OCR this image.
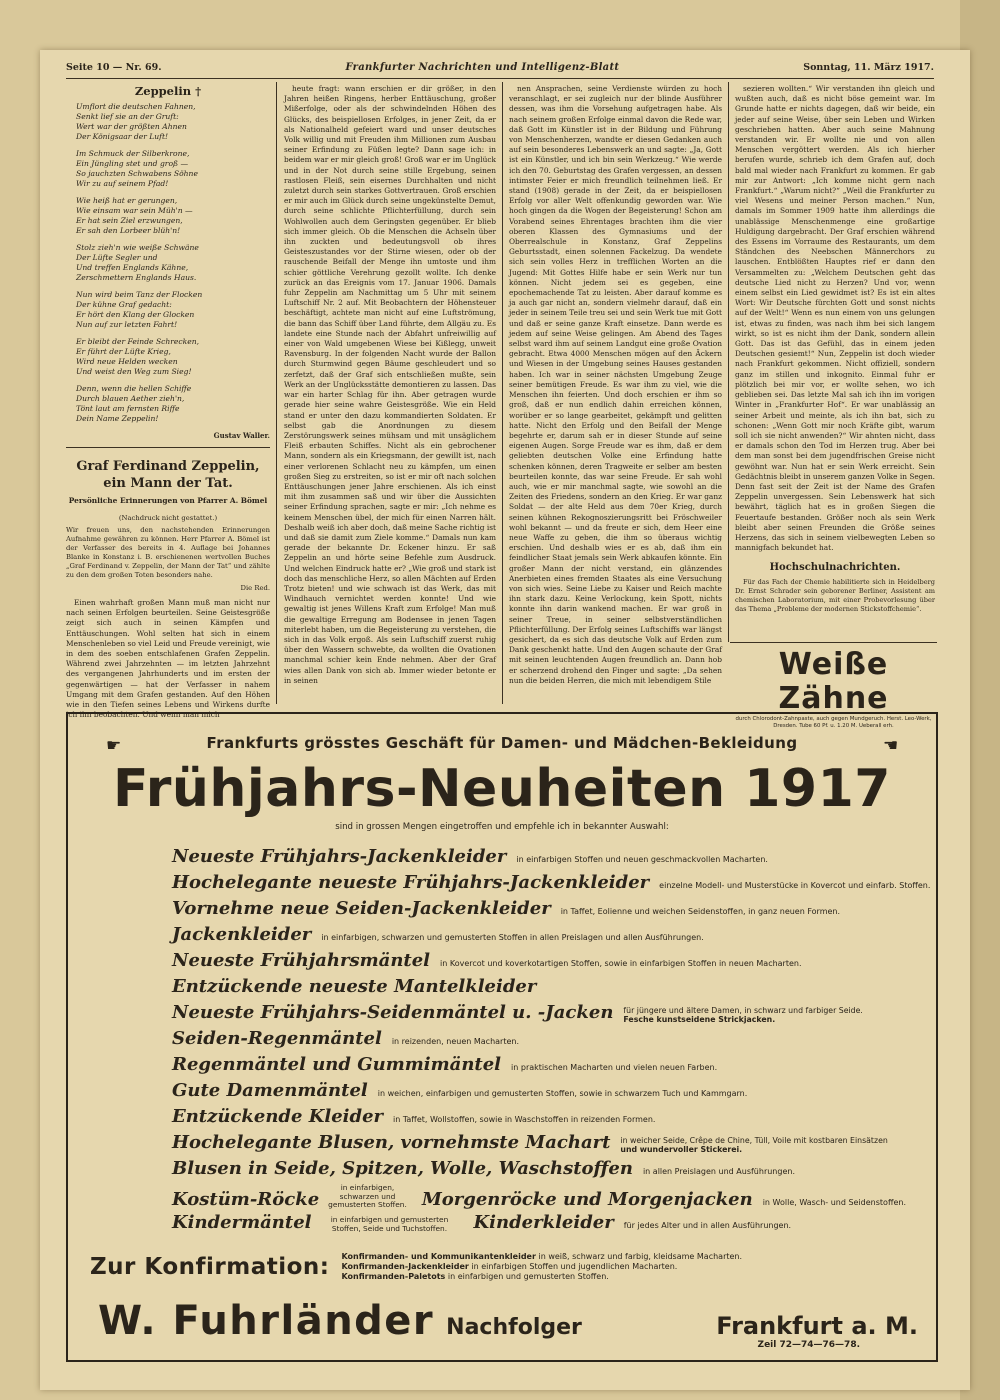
Seite 10 — Nr. 69.	Frankfurter Nachrichten und Intelligenz-Blatt	Sonntag, 11. März 1917.
Zeppelin †
Umflort die deutschen Fahnen,
Senkt lief sie an der Gruft:
Wert war der größten Ahnen
Der Königsaar der Luft!
Im Schmuck der Silberkrone,
Ein Jüngling stet und groß —
So jauchzten Schwabens Söhne
Wir zu auf seinem Pfad!
Wie heiß hat er gerungen,
Wie einsam war sein Müh'n —
Er hat sein Ziel erzwungen,
Er sah den Lorbeer blüh'n!
Stolz zieh'n wie weiße Schwäne
Der Lüfte Segler und
Und treffen Englands Kähne,
Zerschmettern Englands Haus.
Nun wird beim Tanz der Flocken
Der kühne Graf gedacht:
Er hört den Klang der Glocken
Nun auf zur letzten Fahrt!
Er bleibt der Feinde Schrecken,
Er führt der Lüfte Krieg,
Wird neue Helden wecken
Und weist den Weg zum Sieg!
Denn, wenn die hellen Schiffe
Durch blauen Aether zieh'n,
Tönt laut am fernsten Riffe
Dein Name Zeppelin!
Gustav Waller.
Graf Ferdinand Zeppelin,
ein Mann der Tat.
Persönliche Erinnerungen von Pfarrer A. Bömel
(Nachdruck nicht gestattet.)
Wir freuen uns, den nachstehenden Erinnerungen Aufnahme gewähren zu können. Herr Pfarrer A. Bömel ist der Verfasser des bereits in 4. Auflage bei Johannes Blanke in Konstanz i. B. erschienenen wertvollen Buches „Graf Ferdinand v. Zeppelin, der Mann der Tat“ und zählte zu den dem großen Toten besonders nahe.
Die Red.

Einen wahrhaft großen Mann muß man nicht nur nach seinen Erfolgen beurteilen. Seine Geistesgröße zeigt sich auch in seinen Kämpfen und Enttäuschungen. Wohl selten hat sich in einem Menschenleben so viel Leid und Freude vereinigt, wie in dem des soeben entschlafenen Grafen Zeppelin. Während zwei Jahrzehnten — im letzten Jahrzehnt des vergangenen Jahrhunderts und im ersten der gegenwärtigen — hat der Verfasser in nahem Umgang mit dem Grafen gestanden. Auf den Höhen wie in den Tiefen seines Lebens und Wirkens durfte ich ihn beobachten. Und wenn man mich

heute fragt: wann erschien er dir größer, in den Jahren heißen Ringens, herber Enttäuschung, großer Mißerfolge, oder als der schwindelnden Höhen des Glücks, des beispiellosen Erfolges, in jener Zeit, da er als Nationalheld gefeiert ward und unser deutsches Volk willig und mit Freuden ihm Millionen zum Ausbau seiner Erfindung zu Füßen legte? Dann sage ich: in beidem war er mir gleich groß! Groß war er im Unglück und in der Not durch seine stille Ergebung, seinen rastlosen Fleiß, sein eisernes Durchhalten und nicht zuletzt durch sein starkes Gottvertrauen. Groß erschien er mir auch im Glück durch seine ungekünstelte Demut, durch seine schlichte Pflichterfüllung, durch sein Wohlwollen auch dem Geringsten gegenüber. Er blieb sich immer gleich. Ob die Menschen die Achseln über ihn zuckten und bedeutungsvoll ob ihres Geisteszustandes vor der Stirne wiesen, oder ob der rauschende Beifall der Menge ihn umtoste und ihm schier göttliche Verehrung gezollt wollte. Ich denke zurück an das Ereignis vom 17. Januar 1906. Damals fuhr Zeppelin am Nachmittag um 5 Uhr mit seinem Luftschiff Nr. 2 auf. Mit Beobachtern der Höhensteuer beschäftigt, achtete man nicht auf eine Luftströmung, die bann das Schiff über Land führte, dem Allgäu zu. Es landete eine Stunde nach der Abfahrt unfreiwillig auf einer von Wald umgebenen Wiese bei Kißlegg, unweit Ravensburg. In der folgenden Nacht wurde der Ballon durch Sturmwind gegen Bäume geschleudert und so zerfetzt, daß der Graf sich entschließen mußte, sein Werk an der Unglücksstätte demontieren zu lassen. Das war ein harter Schlag für ihn. Aber getragen wurde gerade hier seine wahre Geistesgröße. Wie ein Held stand er unter den dazu kommandierten Soldaten. Er selbst gab die Anordnungen zu diesem Zerstörungswerk seines mühsam und mit unsäglichem Fleiß erbauten Schiffes. Nicht als ein gebrochener Mann, sondern als ein Kriegsmann, der gewillt ist, nach einer verlorenen Schlacht neu zu kämpfen, um einen großen Sieg zu erstreiten, so ist er mir oft nach solchen Enttäuschungen jener Jahre erschienen. Als ich einst mit ihm zusammen saß und wir über die Aussichten seiner Erfindung sprachen, sagte er mir: „Ich nehme es keinem Menschen übel, der mich für einen Narren hält. Deshalb weiß ich aber doch, daß meine Sache richtig ist und daß sie damit zum Ziele komme.“ Damals nun kam gerade der bekannte Dr. Eckener hinzu. Er saß Zeppelin an und hörte seine Befehle zum Ausdruck. Und welchen Eindruck hatte er? „Wie groß und stark ist doch das menschliche Herz, so allen Mächten auf Erden Trotz bieten! und wie schwach ist das Werk, das mit Windhauch vernichtet werden konnte! Und wie gewaltig ist jenes Willens Kraft zum Erfolge! Man muß die gewaltige Erregung am Bodensee in jenen Tagen miterlebt haben, um die Begeisterung zu verstehen, die sich in das Volk ergoß. Als sein Luftschiff zuerst ruhig über den Wassern schwebte, da wollten die Ovationen manchmal schier kein Ende nehmen. Aber der Graf wies allen Dank von sich ab. Immer wieder betonte er in seinen

nen Ansprachen, seine Verdienste würden zu hoch veranschlagt, er sei zugleich nur der blinde Ausführer dessen, was ihm die Vorsehung aufgetragen habe. Als nach seinem großen Erfolge einmal davon die Rede war, daß Gott im Künstler ist in der Bildung und Führung von Menschenherzen, wandte er diesen Gedanken auch auf sein besonderes Lebenswerk an und sagte: „Ja, Gott ist ein Künstler, und ich bin sein Werkzeug.“ Wie werde ich den 70. Geburtstag des Grafen vergessen, an dessen intimster Feier er mich freundlich teilnehmen ließ. Er stand (1908) gerade in der Zeit, da er beispiellosen Erfolg vor aller Welt offenkundig geworden war. Wie hoch gingen da die Wogen der Begeisterung! Schon am Vorabend seines Ehrentages brachten ihm die vier oberen Klassen des Gymnasiums und der Oberrealschule in Konstanz, Graf Zeppelins Geburtsstadt, einen solennen Fackelzug. Da wendete sich sein volles Herz in trefflichen Worten an die Jugend: Mit Gottes Hilfe habe er sein Werk nur tun können. Nicht jedem sei es gegeben, eine epochemachende Tat zu leisten. Aber darauf komme es ja auch gar nicht an, sondern vielmehr darauf, daß ein jeder in seinem Teile treu sei und sein Werk tue mit Gott und daß er seine ganze Kraft einsetze. Dann werde es jedem auf seine Weise gelingen. Am Abend des Tages selbst ward ihm auf seinem Landgut eine große Ovation gebracht. Etwa 4000 Menschen mögen auf den Äckern und Wiesen in der Umgebung seines Hauses gestanden haben. Ich war in seiner nächsten Umgebung Zeuge seiner bemütigen Freude. Es war ihm zu viel, wie die Menschen ihn feierten. Und doch erschien er ihm so groß, daß er nun endlich dahin erreichen können, worüber er so lange gearbeitet, gekämpft und gelitten hatte. Nicht den Erfolg und den Beifall der Menge begehrte er, darum sah er in dieser Stunde auf seine eigenen Augen. Sorge Freude war es ihm, daß er dem geliebten deutschen Volke eine Erfindung hatte schenken können, deren Tragweite er selber am besten beurteilen konnte, das war seine Freude. Er sah wohl auch, wie er mir manchmal sagte, wie sowohl an die Zeiten des Friedens, sondern an den Krieg. Er war ganz Soldat — der alte Held aus dem 70er Krieg, durch seinen kühnen Rekognoszierungsritt bei Fröschweiler wohl bekannt — und da freute er sich, dem Heer eine neue Waffe zu geben, die ihm so überaus wichtig erschien. Und deshalb wies er es ab, daß ihm ein feindlicher Staat jemals sein Werk abkaufen könnte. Ein großer Mann der nicht verstand, ein glänzendes Anerbieten eines fremden Staates als eine Versuchung von sich wies. Seine Liebe zu Kaiser und Reich machte ihn stark dazu. Keine Verlockung, kein Spott, nichts konnte ihn darin wankend machen. Er war groß in seiner Treue, in seiner selbstverständlichen Pflichterfüllung. Der Erfolg seines Luftschiffs war längst gesichert, da es sich das deutsche Volk auf Erden zum Dank geschenkt hatte. Und den Augen schaute der Graf mit seinen leuchtenden Augen freundlich an. Dann hob er scherzend drohend den Finger und sagte: „Da sehen nun die beiden Herren, die mich mit lebendigem Stile

sezieren wollten.“ Wir verstanden ihn gleich und wußten auch, daß es nicht böse gemeint war. Im Grunde hatte er nichts dagegen, daß wir beide, ein jeder auf seine Weise, über sein Leben und Wirken geschrieben hatten. Aber auch seine Mahnung verstanden wir. Er wollte nie und von allen Menschen vergöttert werden. Als ich hierher berufen wurde, schrieb ich dem Grafen auf, doch bald mal wieder nach Frankfurt zu kommen. Er gab mir zur Antwort: „Ich komme nicht gern nach Frankfurt.“ „Warum nicht?“ „Weil die Frankfurter zu viel Wesens und meiner Person machen.“ Nun, damals im Sommer 1909 hatte ihm allerdings die unablässige Menschenmenge eine großartige Huldigung dargebracht. Der Graf erschien während des Essens im Vorraume des Restaurants, um dem Ständchen des Neebschen Männerchors zu lauschen. Entblößten Hauptes rief er dann den Versammelten zu: „Welchem Deutschen geht das deutsche Lied nicht zu Herzen? Und vor, wenn einem selbst ein Lied gewidmet ist? Es ist ein altes Wort: Wir Deutsche fürchten Gott und sonst nichts auf der Welt!“ Wenn es nun einem von uns gelungen ist, etwas zu finden, was nach ihm bei sich langem wirkt, so ist es nicht ihm der Dank, sondern allein Gott. Das ist das Gefühl, das in einem jeden Deutschen gesiemt!“ Nun, Zeppelin ist doch wieder nach Frankfurt gekommen. Nicht offiziell, sondern ganz im stillen und inkognito. Einmal fuhr er plötzlich bei mir vor, er wollte sehen, wo ich geblieben sei. Das letzte Mal sah ich ihn im vorigen Winter in „Frankfurter Hof“. Er war unablässig an seiner Arbeit und meinte, als ich ihn bat, sich zu schonen: „Wenn Gott mir noch Kräfte gibt, warum soll ich sie nicht anwenden?“ Wir ahnten nicht, dass er damals schon den Tod im Herzen trug. Aber bei dem man sonst bei dem jugendfrischen Greise nicht gewöhnt war. Nun hat er sein Werk erreicht. Sein Gedächtnis bleibt in unserem ganzen Volke in Segen. Denn fast seit der Zeit ist der Name des Grafen Zeppelin unvergessen. Sein Lebenswerk hat sich bewährt, täglich hat es in großen Siegen die Feuertaufe bestanden. Größer noch als sein Werk bleibt aber seinen Freunden die Größe seines Herzens, das sich in seinem vielbewegten Leben so mannigfach bekundet hat.

Hochschulnachrichten.

Für das Fach der Chemie habilitierte sich in Heidelberg Dr. Ernst Schrader sein geborener Berliner, Assistent am chemischen Laboratorium, mit einer Probevorlesung über das Thema „Probleme der modernen Stickstoffchemie“.

Weiße Zähne
durch Chlorodont-Zahnpaste, auch gegen Mundgeruch. Herst. Leo-Werk, Dresden. Tube 60 Pf. u. 1.20 M. Ueberall erh.
☛	Frankfurts grösstes Geschäft für Damen- und Mädchen-Bekleidung	☛
Frühjahrs-Neuheiten 1917
sind in grossen Mengen eingetroffen und empfehle ich in bekannter Auswahl:
Neueste Frühjahrs-Jackenkleider in einfarbigen Stoffen und neuen geschmackvollen Macharten.
Hochelegante neueste Frühjahrs-Jackenkleider einzelne Modell- und Musterstücke in Kovercot und einfarb. Stoffen.
Vornehme neue Seiden-Jackenkleider in Taffet, Eolienne und weichen Seidenstoffen, in ganz neuen Formen.
Jackenkleider in einfarbigen, schwarzen und gemusterten Stoffen in allen Preislagen und allen Ausführungen.
Neueste Frühjahrsmäntel in Kovercot und koverkotartigen Stoffen, sowie in einfarbigen Stoffen in neuen Macharten.
Entzückende neueste Mantelkleider
Neueste Frühjahrs-Seidenmäntel u. -Jacken für jüngere und ältere Damen, in schwarz und farbiger Seide.
Fesche kunstseidene Strickjacken.
Seiden-Regenmäntel in reizenden, neuen Macharten.
Regenmäntel und Gummimäntel in praktischen Macharten und vielen neuen Farben.
Gute Damenmäntel in weichen, einfarbigen und gemusterten Stoffen, sowie in schwarzem Tuch und Kammgarn.
Entzückende Kleider in Taffet, Wollstoffen, sowie in Waschstoffen in reizenden Formen.
Hochelegante Blusen, vornehmste Machart in weicher Seide, Crêpe de Chine, Tüll, Voile mit kostbaren Einsätzen
und wundervoller Stickerei.
Blusen in Seide, Spitzen, Wolle, Waschstoffen in allen Preislagen und Ausführungen.
Kostüm-Röcke
in einfarbigen, schwarzen und gemusterten Stoffen. Morgenröcke und Morgenjacken in Wolle, Wasch- und Seidenstoffen.
Kindermäntel	in einfarbigen und gemusterten Stoffen, Seide und Tuchstoffen.	Kinderkleider für jedes Alter und in allen Ausführungen.
Zur Konfirmation: Konfirmanden- und Kommunikantenkleider in weiß, schwarz und farbig, kleidsame Macharten.
Konfirmanden-Jackenkleider in einfarbigen Stoffen und jugendlichen Macharten.
Konfirmanden-Paletots in einfarbigen und gemusterten Stoffen.
W. Fuhrländer Nachfolger	Frankfurt a. M.
Zeil 72—74—76—78.
